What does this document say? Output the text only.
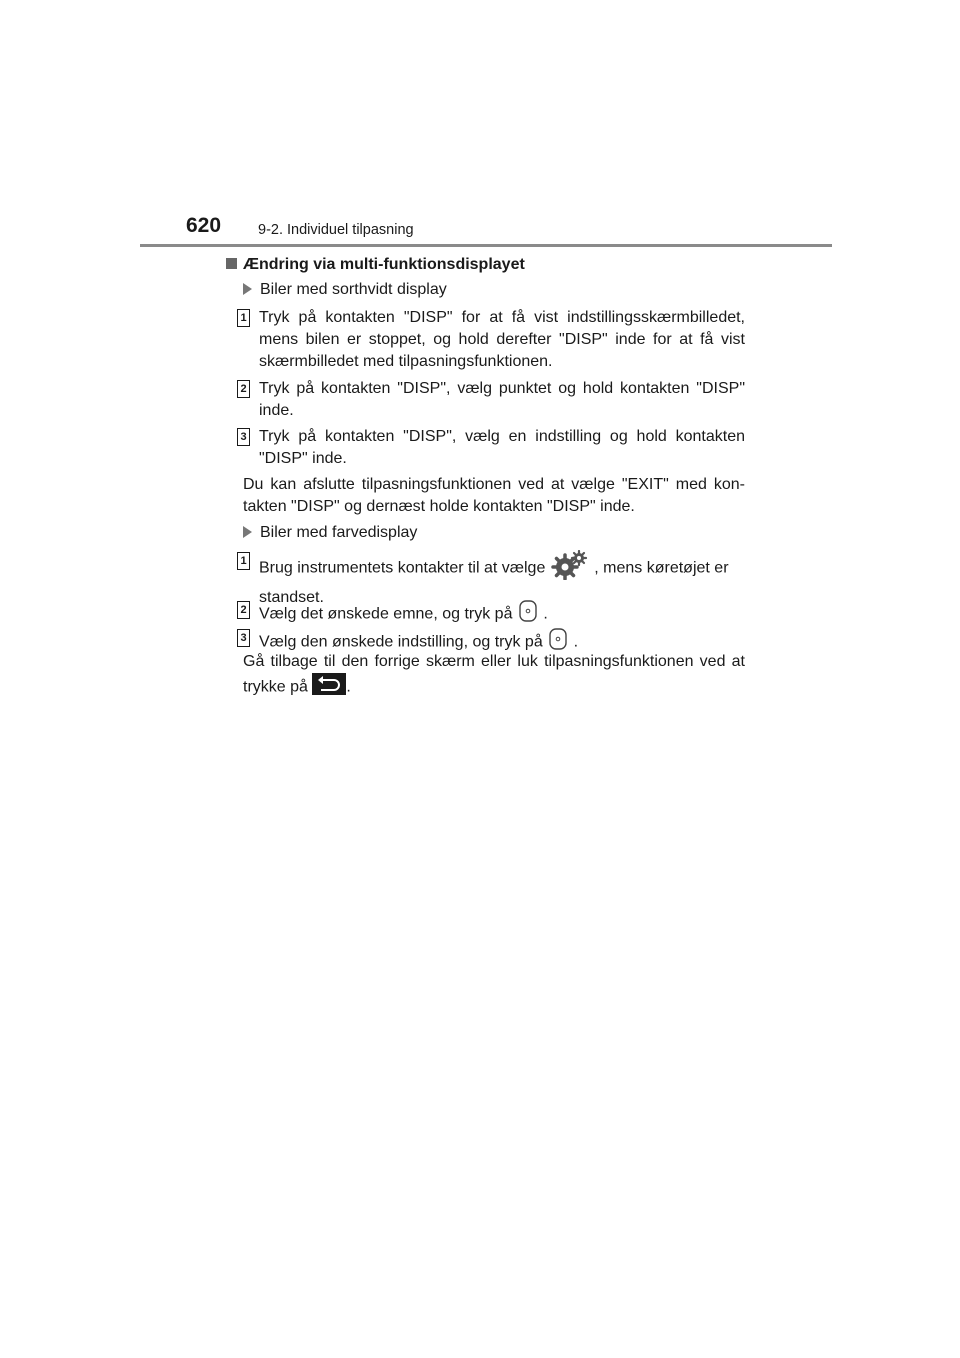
620	9-2. Individuel tilpasning
Ændring via multi-funktionsdisplayet
Biler med sorthvidt display
1 Tryk på kontakten "DISP" for at få vist indstillingsskærmbilledet, mens bilen er stoppet, og hold derefter "DISP" inde for at få vist skærmbilledet med tilpasningsfunktionen.
2 Tryk på kontakten "DISP", vælg punktet og hold kontakten "DISP" inde.
3 Tryk på kontakten "DISP", vælg en indstilling og hold kontakten "DISP" inde.
Du kan afslutte tilpasningsfunktionen ved at vælge "EXIT" med kon-takten "DISP" og dernæst holde kontakten "DISP" inde.
Biler med farvedisplay
1 Brug instrumentets kontakter til at vælge	, mens køretøjet er standset.
2 Vælg det ønskede emne, og tryk på .
3 Vælg den ønskede indstilling, og tryk på .
Gå tilbage til den forrige skærm eller luk tilpasningsfunktionen ved at trykke på .
